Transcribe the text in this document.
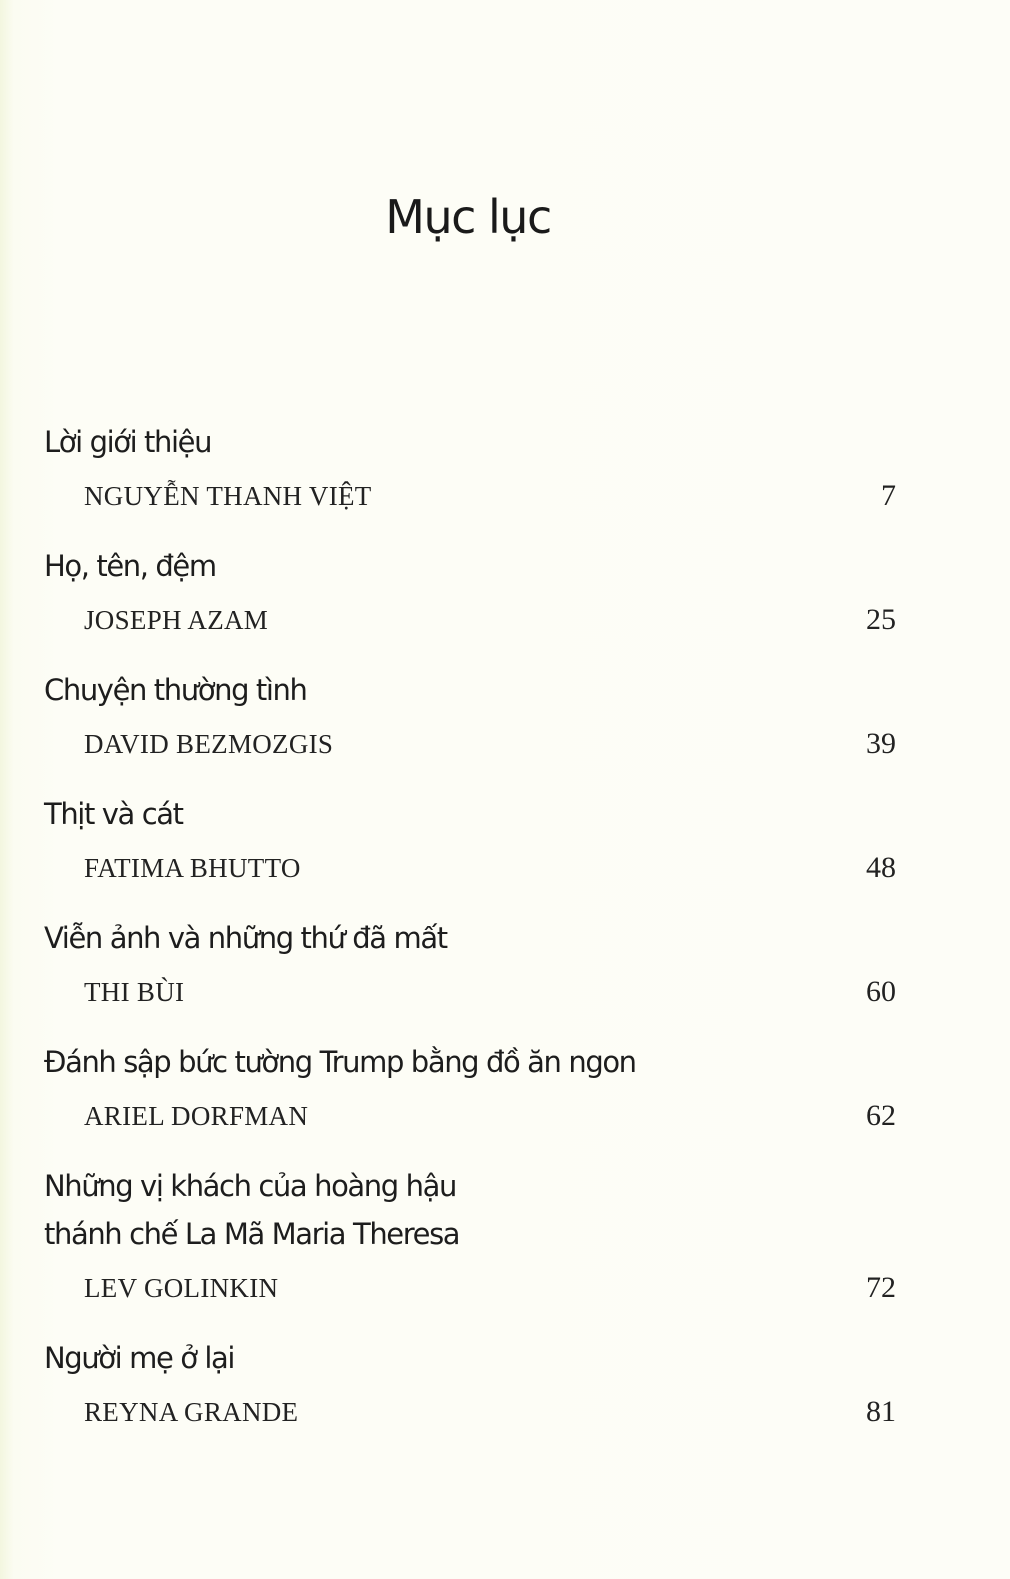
Mục lục

Lời giới thiệu

NGUYỄN THANH VIỆT	7

Họ, tên, đệm

JOSEPH AZAM	25

Chuyện thường tình

DAVID BEZMOZGIS	39

Thịt và cát

FATIMA BHUTTO	48

Viễn ảnh và những thứ đã mất

THI BÙI	60

Đánh sập bức tường Trump bằng đồ ăn ngon

ARIEL DORFMAN	62

Những vị khách của hoàng hậu
thánh chế La Mã Maria Theresa

LEV GOLINKIN	72

Người mẹ ở lại

REYNA GRANDE	81
